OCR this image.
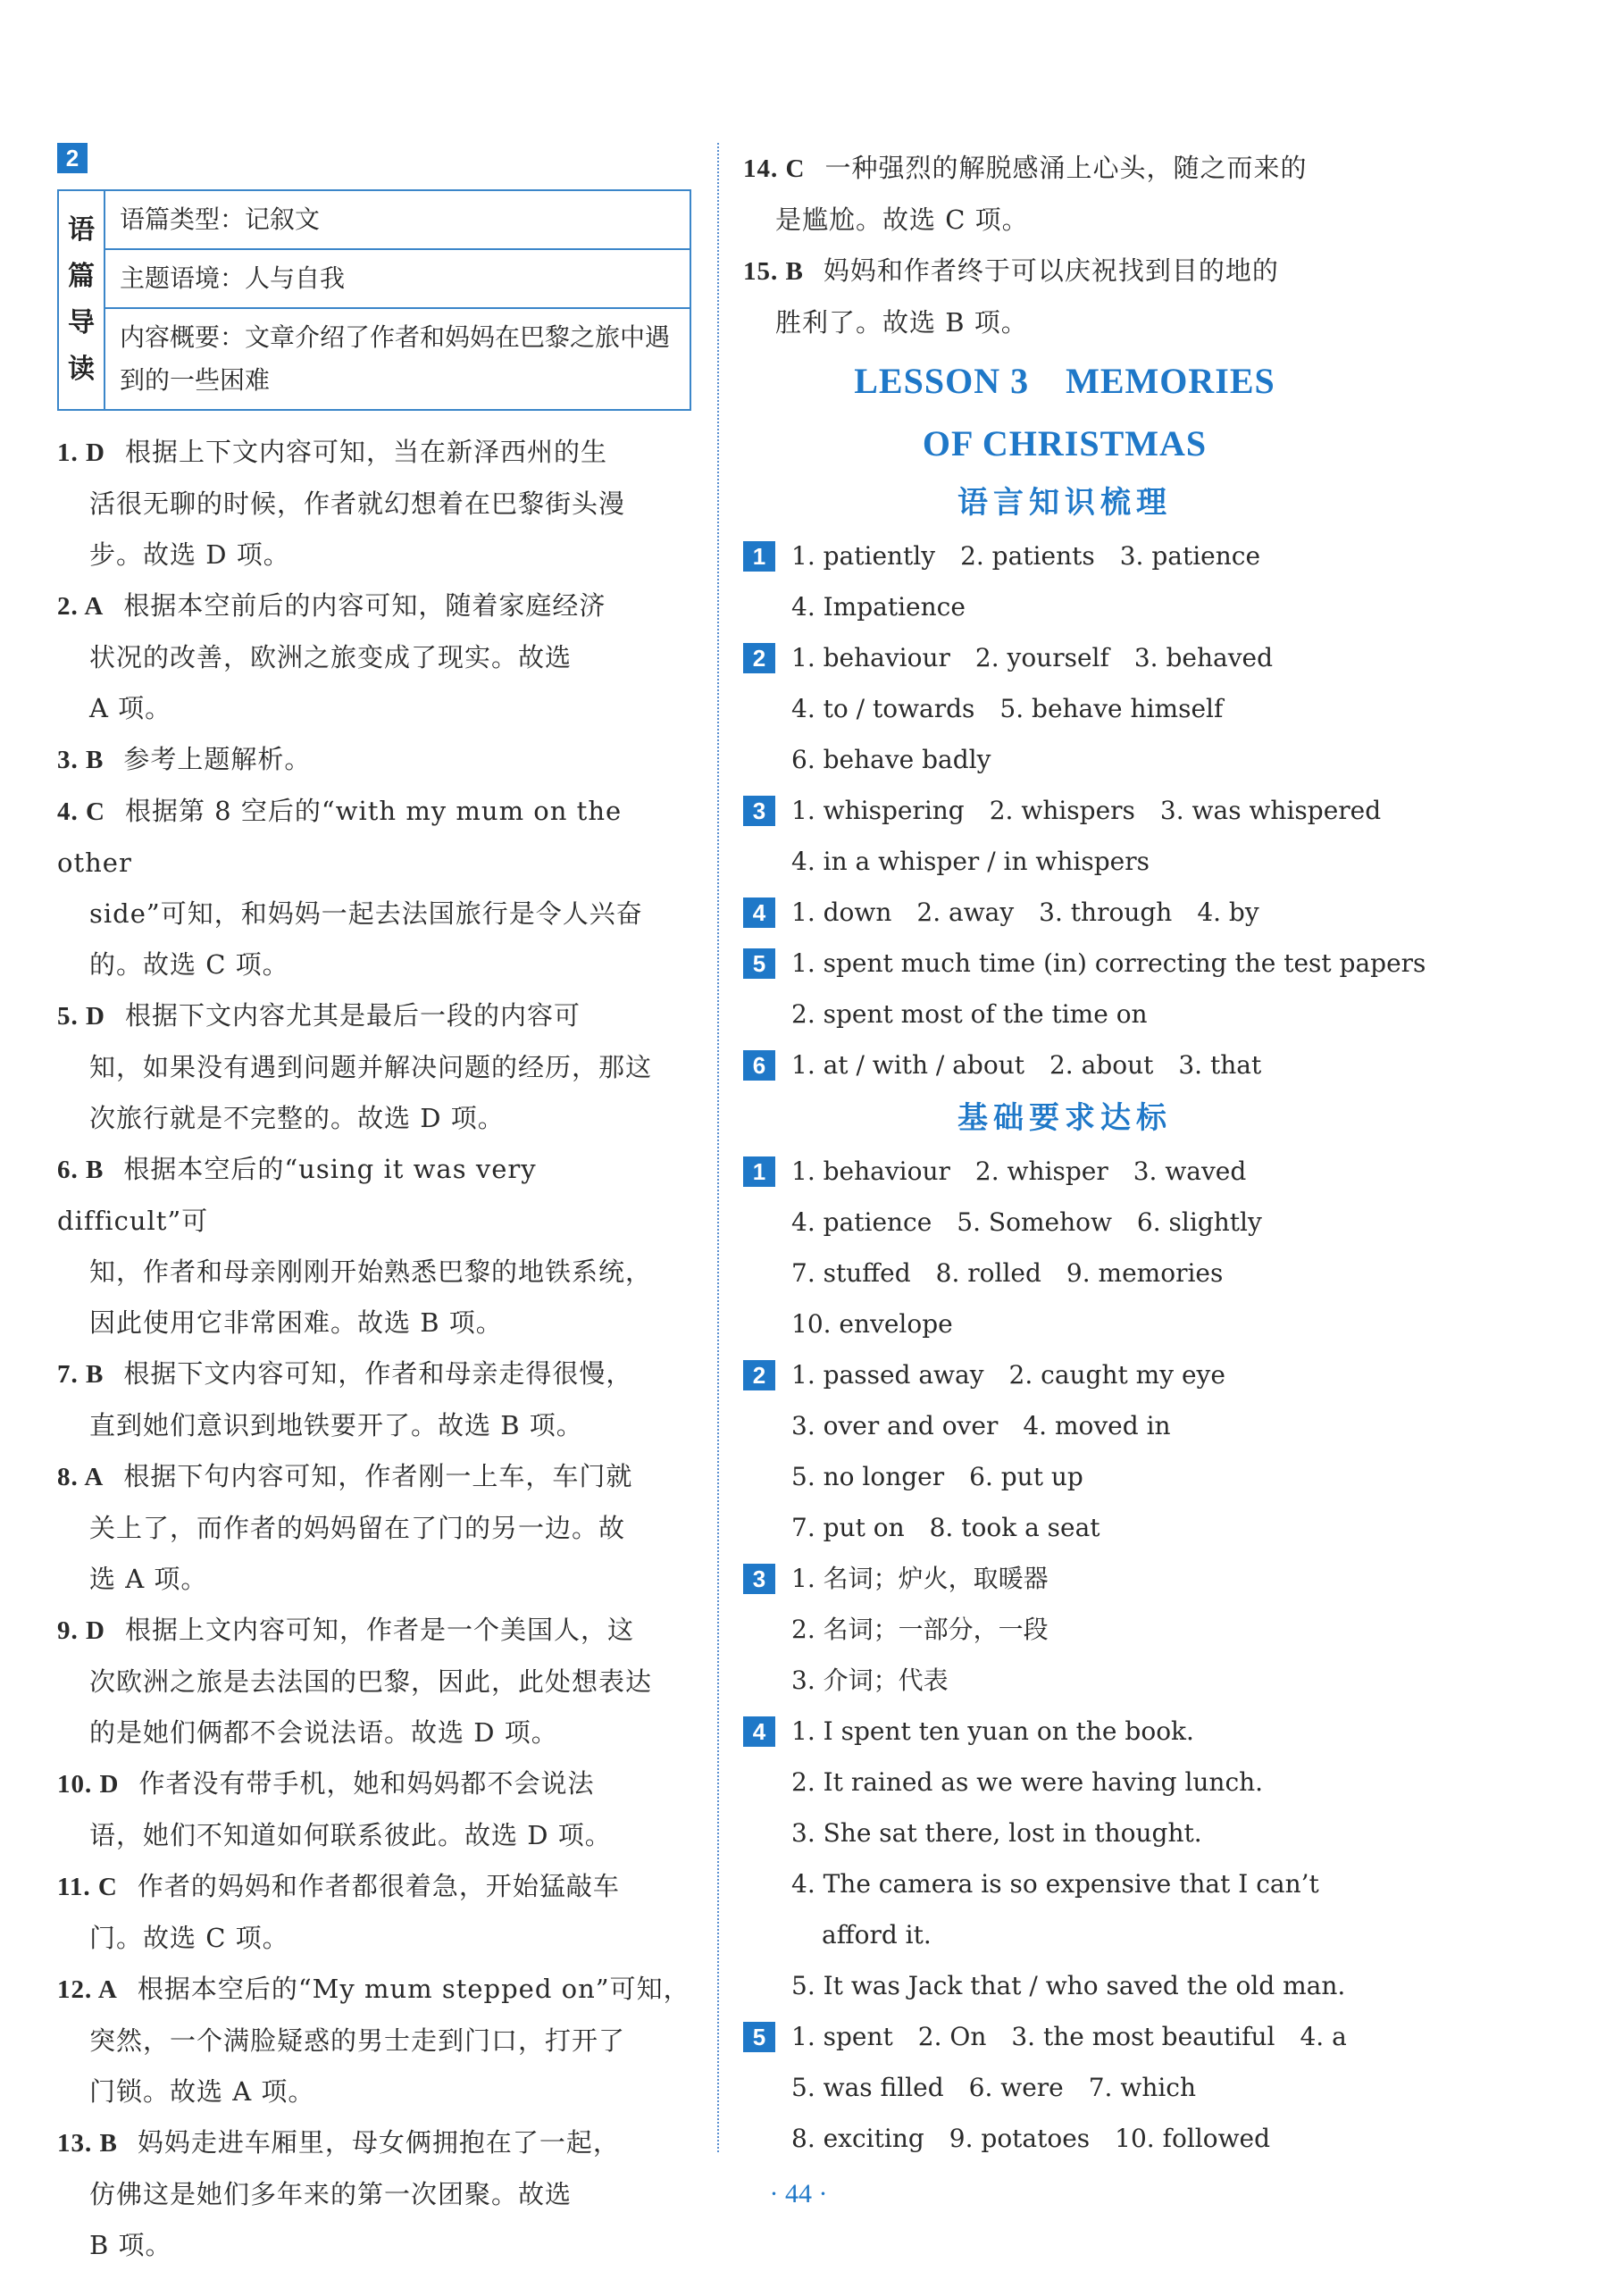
2
语
篇
导
读
语篇类型：记叙文
主题语境：人与自我
内容概要：文章介绍了作者和妈妈在巴黎之旅中遇到的一些困难
1. D 根据上下文内容可知，当在新泽西州的生
活很无聊的时候，作者就幻想着在巴黎街头漫
步。故选 D 项。
2. A 根据本空前后的内容可知，随着家庭经济
状况的改善，欧洲之旅变成了现实。故选
A 项。
3. B 参考上题解析。
4. C 根据第 8 空后的“with my mum on the other
side”可知，和妈妈一起去法国旅行是令人兴奋
的。故选 C 项。
5. D 根据下文内容尤其是最后一段的内容可
知，如果没有遇到问题并解决问题的经历，那这
次旅行就是不完整的。故选 D 项。
6. B 根据本空后的“using it was very difficult”可
知，作者和母亲刚刚开始熟悉巴黎的地铁系统，
因此使用它非常困难。故选 B 项。
7. B 根据下文内容可知，作者和母亲走得很慢，
直到她们意识到地铁要开了。故选 B 项。
8. A 根据下句内容可知，作者刚一上车，车门就
关上了，而作者的妈妈留在了门的另一边。故
选 A 项。
9. D 根据上文内容可知，作者是一个美国人，这
次欧洲之旅是去法国的巴黎，因此，此处想表达
的是她们俩都不会说法语。故选 D 项。
10. D 作者没有带手机，她和妈妈都不会说法
语，她们不知道如何联系彼此。故选 D 项。
11. C 作者的妈妈和作者都很着急，开始猛敲车
门。故选 C 项。
12. A 根据本空后的“My mum stepped on”可知，
突然，一个满脸疑惑的男士走到门口，打开了
门锁。故选 A 项。
13. B 妈妈走进车厢里，母女俩拥抱在了一起，
仿佛这是她们多年来的第一次团聚。故选
B 项。
14. C 一种强烈的解脱感涌上心头，随之而来的
是尴尬。故选 C 项。
15. B 妈妈和作者终于可以庆祝找到目的地的
胜利了。故选 B 项。
LESSON 3　MEMORIES
OF CHRISTMAS
语言知识梳理
1	1. patiently　2. patients　3. patience
4. Impatience
2	1. behaviour　2. yourself　3. behaved
4. to / towards　5. behave himself
6. behave badly
3	1. whispering　2. whispers　3. was whispered
4. in a whisper / in whispers
4	1. down　2. away　3. through　4. by
5	1. spent much time (in) correcting the test papers
2. spent most of the time on
6	1. at / with / about　2. about　3. that
基础要求达标
1	1. behaviour　2. whisper　3. waved
4. patience　5. Somehow　6. slightly
7. stuffed　8. rolled　9. memories
10. envelope
2	1. passed away　2. caught my eye
3. over and over　4. moved in
5. no longer　6. put up
7. put on　8. took a seat
3	1. 名词；炉火，取暖器
2. 名词；一部分，一段
3. 介词；代表
4	1. I spent ten yuan on the book.
2. It rained as we were having lunch.
3. She sat there, lost in thought.
4. The camera is so expensive that I can’t
afford it.
5. It was Jack that / who saved the old man.
5	1. spent　2. On　3. the most beautiful　4. a
5. was filled　6. were　7. which
8. exciting　9. potatoes　10. followed
· 44 ·
